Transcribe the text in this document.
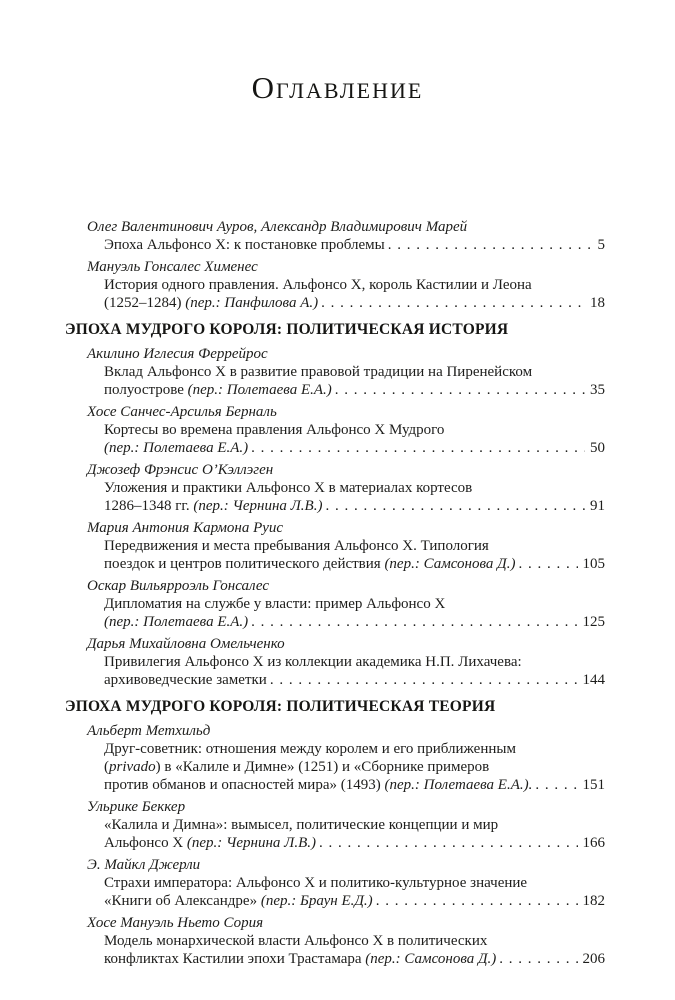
Оглавление
Олег Валентинович Ауров, Александр Владимирович Марей
Эпоха Альфонсо X: к постановке проблемы . . .	5
Мануэль Гонсалес Хименес
История одного правления. Альфонсо X, король Кастилии и Леона
(1252–1284) (пер.: Панфилова А.) . . .	18
ЭПОХА МУДРОГО КОРОЛЯ: ПОЛИТИЧЕСКАЯ ИСТОРИЯ
Акилино Иглесия Феррейрос
Вклад Альфонсо X в развитие правовой традиции на Пиренейском
полуострове (пер.: Полетаева Е.А.) . . .	35
Хосе Санчес-Арсилья Берналь
Кортесы во времена правления Альфонсо X Мудрого
(пер.: Полетаева Е.А.) . . .	50
Джозеф Фрэнсис О’Кэллэген
Уложения и практики Альфонсо X в материалах кортесов
1286–1348 гг. (пер.: Чернина Л.В.) . . .	91
Мария Антония Кармона Руис
Передвижения и места пребывания Альфонсо X. Типология
поездок и центров политического действия (пер.: Самсонова Д.) . . .	105
Оскар Вильярроэль Гонсалес
Дипломатия на службе у власти: пример Альфонсо X
(пер.: Полетаева Е.А.) . . .	125
Дарья Михайловна Омельченко
Привилегия Альфонсо X из коллекции академика Н.П. Лихачева:
архивоведческие заметки . . .	144
ЭПОХА МУДРОГО КОРОЛЯ: ПОЛИТИЧЕСКАЯ ТЕОРИЯ
Альберт Метхильд
Друг-советник: отношения между королем и его приближенным
(privado) в «Калиле и Димне» (1251) и «Сборнике примеров
против обманов и опасностей мира» (1493) (пер.: Полетаева Е.А.). . . .	151
Ульрике Беккер
«Калила и Димна»: вымысел, политические концепции и мир
Альфонсо X (пер.: Чернина Л.В.) . . .	166
Э. Майкл Джерли
Страхи императора: Альфонсо X и политико-культурное значение
«Книги об Александре» (пер.: Браун Е.Д.) . . .	182
Хосе Мануэль Ньето Сория
Модель монархической власти Альфонсо X в политических
конфликтах Кастилии эпохи Трастамара (пер.: Самсонова Д.) . . .	206
